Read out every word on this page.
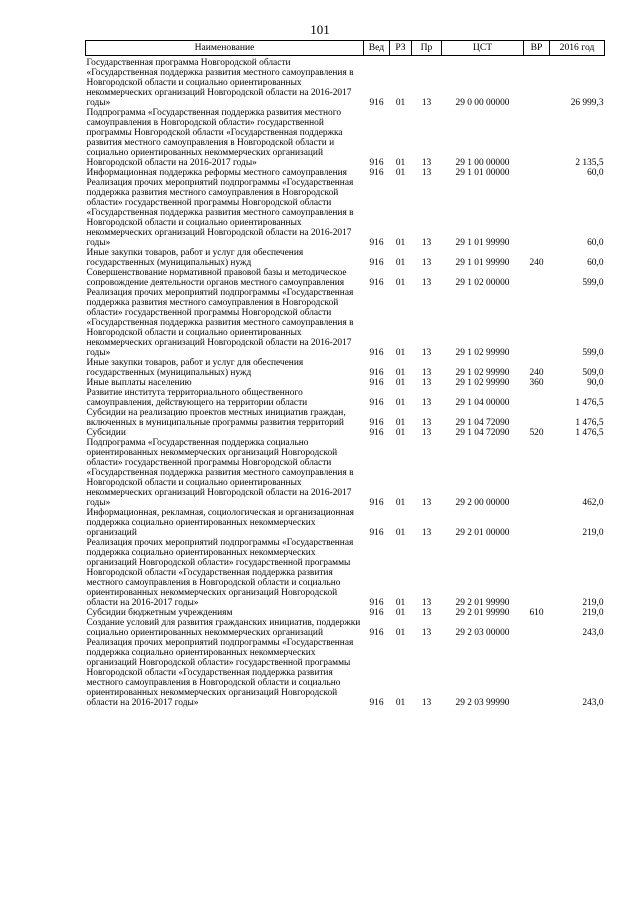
101
Наименование	Вед	РЗ	Пр	ЦСТ	ВР	2016 год
Государственная программа Новгородской области «Государственная поддержка развития местного самоуправления в Новгородской области и социально ориентированных некоммерческих организаций Новгородской области на 2016-2017 годы»	916	01	13	29 0 00 00000		26 999,3
Подпрограмма «Государственная поддержка развития местного самоуправления в Новгородской области» государственной программы Новгородской области «Государственная поддержка развития местного самоуправления в Новгородской области и социально ориентированных некоммерческих организаций Новгородской области на 2016-2017 годы»	916	01	13	29 1 00 00000		2 135,5
Информационная поддержка реформы местного самоуправления	916	01	13	29 1 01 00000		60,0
Реализация прочих мероприятий подпрограммы «Государственная поддержка развития местного самоуправления в Новгородской области» государственной программы Новгородской области «Государственная поддержка развития местного самоуправления в Новгородской области и социально ориентированных некоммерческих организаций Новгородской области на 2016-2017 годы»	916	01	13	29 1 01 99990		60,0
Иные закупки товаров, работ и услуг для обеспечения государственных (муниципальных) нужд	916	01	13	29 1 01 99990	240	60,0
Совершенствование нормативной правовой базы и методическое сопровождение деятельности органов местного самоуправления	916	01	13	29 1 02 00000		599,0
Реализация прочих мероприятий подпрограммы «Государственная поддержка развития местного самоуправления в Новгородской области» государственной программы Новгородской области «Государственная поддержка развития местного самоуправления в Новгородской области и социально ориентированных некоммерческих организаций Новгородской области на 2016-2017 годы»	916	01	13	29 1 02 99990		599,0
Иные закупки товаров, работ и услуг для обеспечения государственных (муниципальных) нужд	916	01	13	29 1 02 99990	240	509,0
Иные выплаты населению	916	01	13	29 1 02 99990	360	90,0
Развитие института территориального общественного самоуправления, действующего на территории области	916	01	13	29 1 04 00000		1 476,5
Субсидии на реализацию проектов местных инициатив граждан, включенных в муниципальные программы развития территорий	916	01	13	29 1 04 72090		1 476,5
Субсидии	916	01	13	29 1 04 72090	520	1 476,5
Подпрограмма «Государственная поддержка социально ориентированных некоммерческих организаций Новгородской области» государственной программы Новгородской области «Государственная поддержка развития местного самоуправления в Новгородской области и социально ориентированных некоммерческих организаций Новгородской области на 2016-2017 годы»	916	01	13	29 2 00 00000		462,0
Информационная, рекламная, социологическая и организационная поддержка социально ориентированных некоммерческих организаций	916	01	13	29 2 01 00000		219,0
Реализация прочих мероприятий подпрограммы «Государственная поддержка социально ориентированных некоммерческих организаций Новгородской области» государственной программы Новгородской области «Государственная поддержка развития местного самоуправления в Новгородской области и социально ориентированных некоммерческих организаций Новгородской области на 2016-2017 годы»	916	01	13	29 2 01 99990		219,0
Субсидии бюджетным учреждениям	916	01	13	29 2 01 99990	610	219,0
Создание условий для развития гражданских инициатив, поддержки социально ориентированных некоммерческих организаций	916	01	13	29 2 03 00000		243,0
Реализация прочих мероприятий подпрограммы «Государственная поддержка социально ориентированных некоммерческих организаций Новгородской области» государственной программы Новгородской области «Государственная поддержка развития местного самоуправления в Новгородской области и социально ориентированных некоммерческих организаций Новгородской области на 2016-2017 годы»	916	01	13	29 2 03 99990		243,0
